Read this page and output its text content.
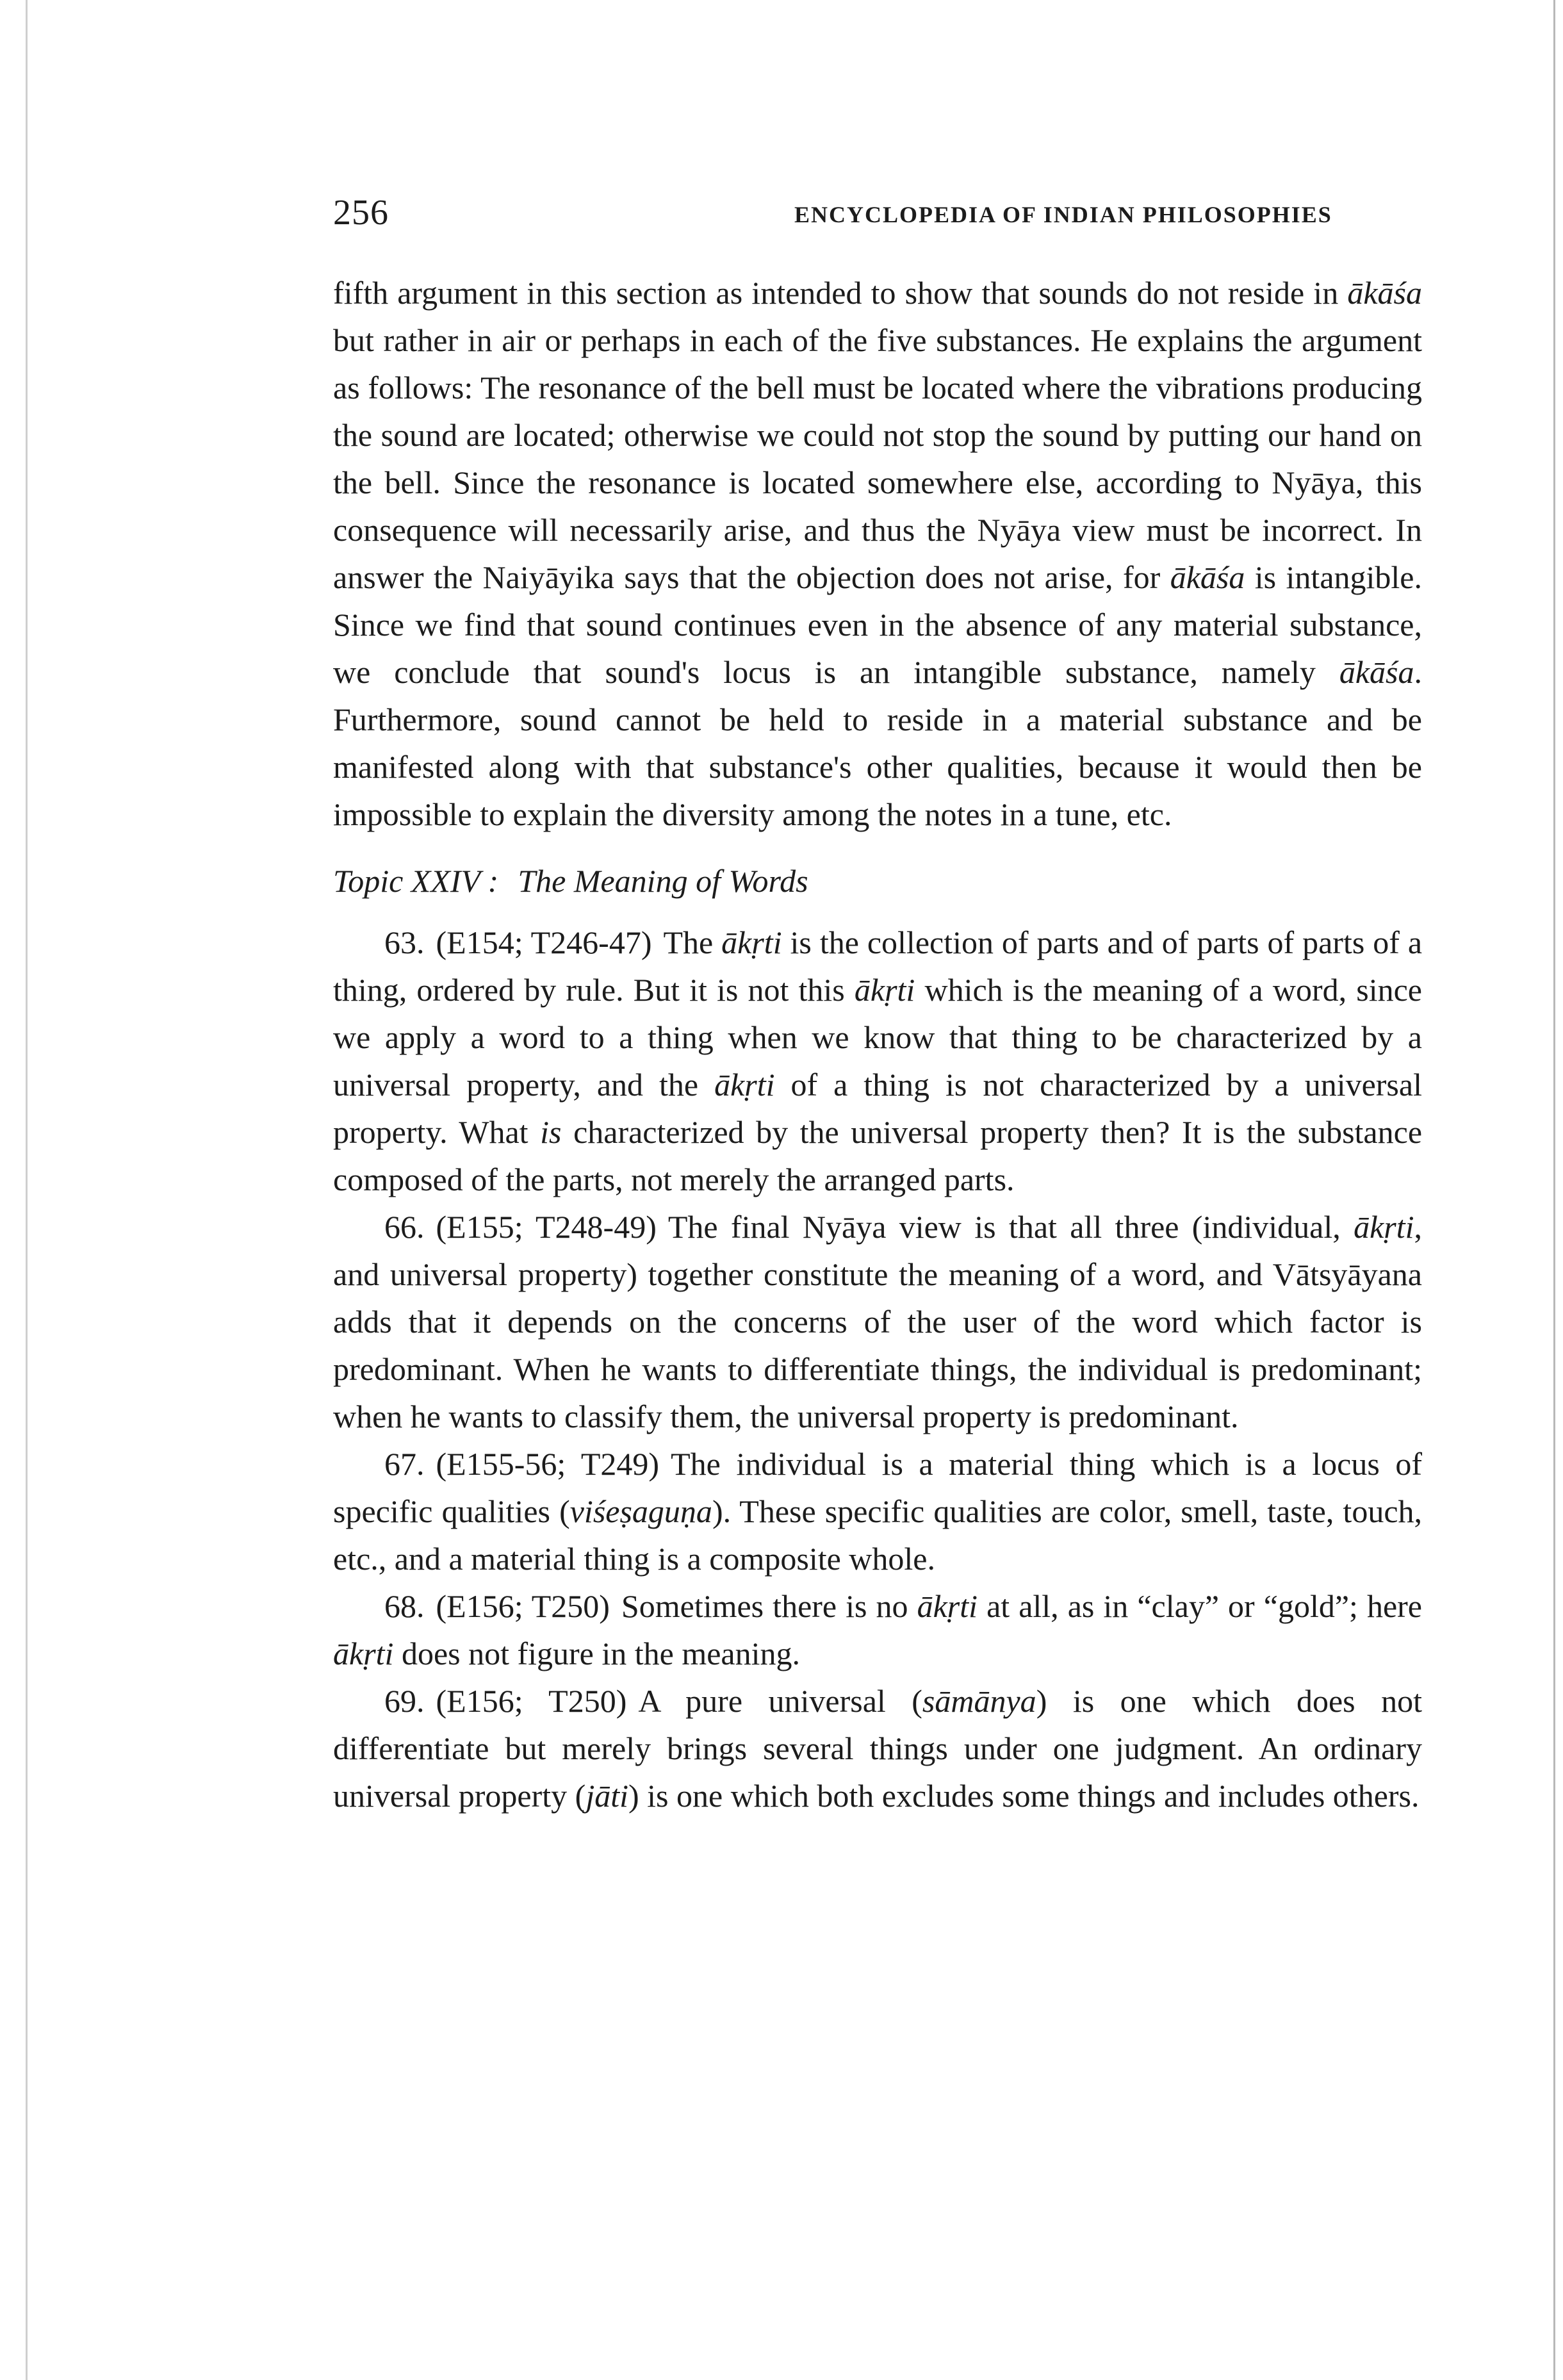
256	ENCYCLOPEDIA OF INDIAN PHILOSOPHIES

fifth argument in this section as intended to show that sounds do not reside in ākāśa but rather in air or perhaps in each of the five substances. He explains the argument as follows: The resonance of the bell must be located where the vibrations producing the sound are located; otherwise we could not stop the sound by putting our hand on the bell. Since the resonance is located somewhere else, according to Nyāya, this consequence will necessarily arise, and thus the Nyāya view must be incorrect. In answer the Naiyāyika says that the objection does not arise, for ākāśa is intangible. Since we find that sound continues even in the absence of any material substance, we conclude that sound's locus is an intangible substance, namely ākāśa. Furthermore, sound cannot be held to reside in a material substance and be manifested along with that substance's other qualities, because it would then be impossible to explain the diversity among the notes in a tune, etc.

Topic XXIV : The Meaning of Words

63. (E154; T246-47) The ākṛti is the collection of parts and of parts of parts of a thing, ordered by rule. But it is not this ākṛti which is the meaning of a word, since we apply a word to a thing when we know that thing to be characterized by a universal property, and the ākṛti of a thing is not characterized by a universal property. What is characterized by the universal property then? It is the substance composed of the parts, not merely the arranged parts.

66. (E155; T248-49) The final Nyāya view is that all three (individual, ākṛti, and universal property) together constitute the meaning of a word, and Vātsyāyana adds that it depends on the concerns of the user of the word which factor is predominant. When he wants to differentiate things, the individual is predominant; when he wants to classify them, the universal property is predominant.

67. (E155-56; T249) The individual is a material thing which is a locus of specific qualities (viśeṣaguṇa). These specific qualities are color, smell, taste, touch, etc., and a material thing is a composite whole.

68. (E156; T250) Sometimes there is no ākṛti at all, as in “clay” or “gold”; here ākṛti does not figure in the meaning.

69. (E156; T250) A pure universal (sāmānya) is one which does not differentiate but merely brings several things under one judgment. An ordinary universal property (jāti) is one which both excludes some things and includes others.
